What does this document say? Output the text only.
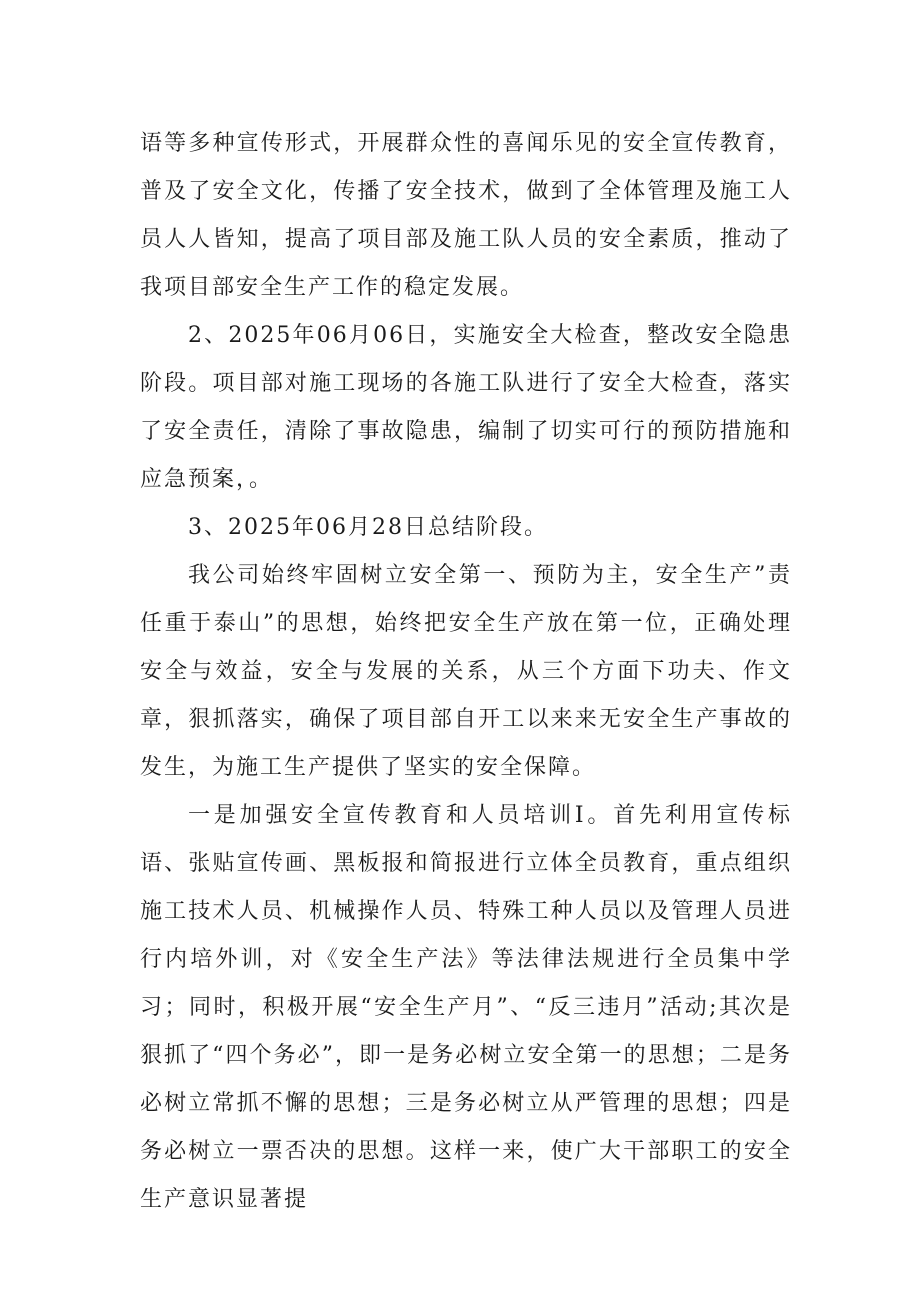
语等多种宣传形式，开展群众性的喜闻乐见的安全宣传教育，普及了安全文化，传播了安全技术，做到了全体管理及施工人员人人皆知，提高了项目部及施工队人员的安全素质，推动了我项目部安全生产工作的稳定发展。

2、2025年06月06日，实施安全大检查，整改安全隐患阶段。项目部对施工现场的各施工队进行了安全大检查，落实了安全责任，清除了事故隐患，编制了切实可行的预防措施和应急预案，。

3、2025年06月28日总结阶段。

我公司始终牢固树立安全第一、预防为主，安全生产”责任重于泰山”的思想，始终把安全生产放在第一位，正确处理安全与效益，安全与发展的关系，从三个方面下功夫、作文章，狠抓落实，确保了项目部自开工以来来无安全生产事故的发生，为施工生产提供了坚实的安全保障。

一是加强安全宣传教育和人员培训I。首先利用宣传标语、张贴宣传画、黑板报和简报进行立体全员教育，重点组织施工技术人员、机械操作人员、特殊工种人员以及管理人员进行内培外训，对《安全生产法》等法律法规进行全员集中学习；同时，积极开展“安全生产月”、“反三违月”活动;其次是狠抓了“四个务必”，即一是务必树立安全第一的思想；二是务必树立常抓不懈的思想；三是务必树立从严管理的思想；四是务必树立一票否决的思想。这样一来，使广大干部职工的安全生产意识显著提
